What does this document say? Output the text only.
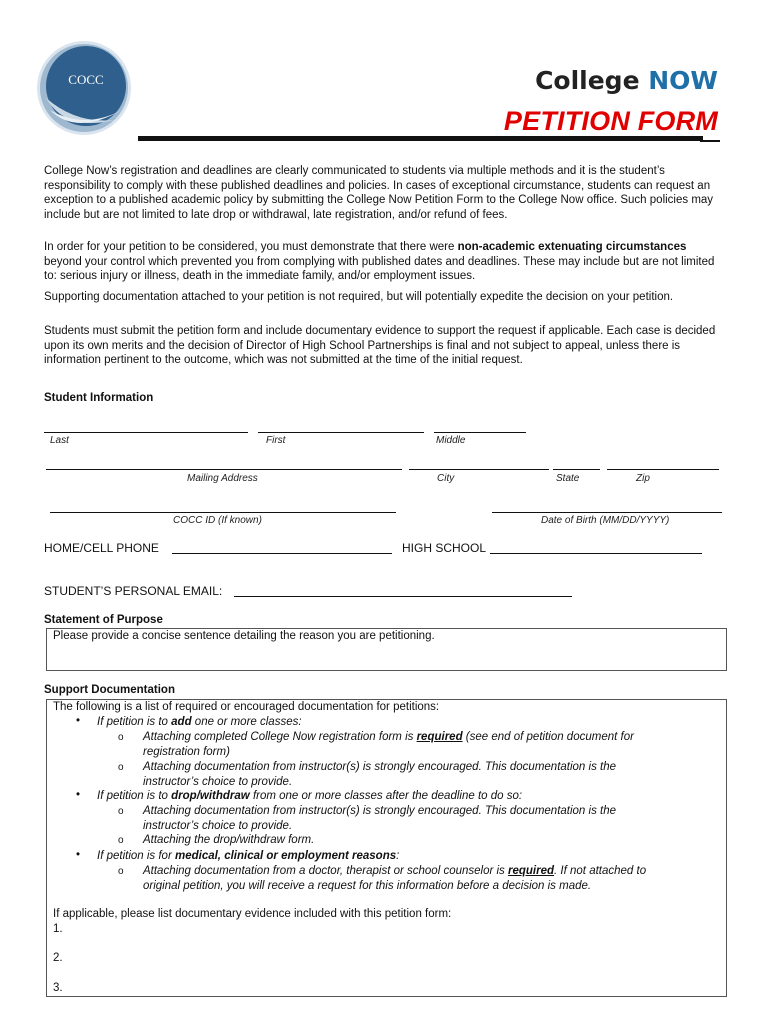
COCC	College NOW
PETITION FORM
College Now’s registration and deadlines are clearly communicated to students via multiple methods and it is the student’s responsibility to comply with these published deadlines and policies. In cases of exceptional circumstance, students can request an exception to a published academic policy by submitting the College Now Petition Form to the College Now office. Such policies may include but are not limited to late drop or withdrawal, late registration, and/or refund of fees.
In order for your petition to be considered, you must demonstrate that there were non-academic extenuating circumstances beyond your control which prevented you from complying with published dates and deadlines. These may include but are not limited to: serious injury or illness, death in the immediate family, and/or employment issues.
Supporting documentation attached to your petition is not required, but will potentially expedite the decision on your petition.
Students must submit the petition form and include documentary evidence to support the request if applicable. Each case is decided upon its own merits and the decision of Director of High School Partnerships is final and not subject to appeal, unless there is information pertinent to the outcome, which was not submitted at the time of the initial request.
Student Information
Last	First	Middle
Mailing Address	City	State	Zip
COCC ID (If known)	Date of Birth (MM/DD/YYYY)
HOME/CELL PHONE	HIGH SCHOOL
STUDENT’S PERSONAL EMAIL:
Statement of Purpose
Please provide a concise sentence detailing the reason you are petitioning.
Support Documentation
The following is a list of required or encouraged documentation for petitions:
• If petition is to add one or more classes:
o Attaching completed College Now registration form is required (see end of petition document for
registration form)
o Attaching documentation from instructor(s) is strongly encouraged. This documentation is the
instructor’s choice to provide.
• If petition is to drop/withdraw from one or more classes after the deadline to do so:
o Attaching documentation from instructor(s) is strongly encouraged. This documentation is the
instructor’s choice to provide.
o Attaching the drop/withdraw form.
• If petition is for medical, clinical or employment reasons:
o Attaching documentation from a doctor, therapist or school counselor is required. If not attached to
original petition, you will receive a request for this information before a decision is made.
If applicable, please list documentary evidence included with this petition form:
1.
2.
3.
